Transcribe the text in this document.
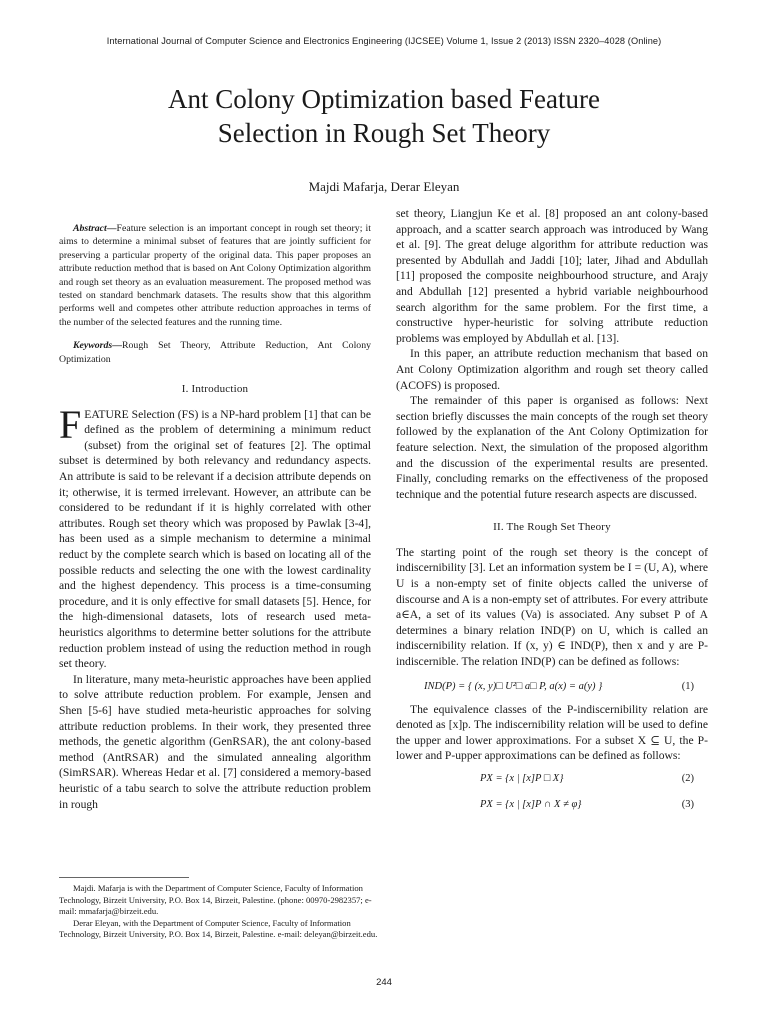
International Journal of Computer Science and Electronics Engineering (IJCSEE) Volume 1, Issue 2 (2013) ISSN 2320–4028 (Online)
Ant Colony Optimization based Feature
Selection in Rough Set Theory
Majdi Mafarja, Derar Eleyan

Abstract—Feature selection is an important concept in rough set theory; it aims to determine a minimal subset of features that are jointly sufficient for preserving a particular property of the original data. This paper proposes an attribute reduction method that is based on Ant Colony Optimization algorithm and rough set theory as an evaluation measurement. The proposed method was tested on standard benchmark datasets. The results show that this algorithm performs well and competes other attribute reduction approaches in terms of the number of the selected features and the running time.

Keywords—Rough Set Theory, Attribute Reduction, Ant Colony Optimization

I. Introduction

FEATURE Selection (FS) is a NP-hard problem [1] that can be defined as the problem of determining a minimum reduct (subset) from the original set of features [2]. The optimal subset is determined by both relevancy and redundancy aspects. An attribute is said to be relevant if a decision attribute depends on it; otherwise, it is termed irrelevant. However, an attribute can be considered to be redundant if it is highly correlated with other attributes. Rough set theory which was proposed by Pawlak [3-4], has been used as a simple mechanism to determine a minimal reduct by the complete search which is based on locating all of the possible reducts and selecting the one with the lowest cardinality and the highest dependency. This process is a time-consuming procedure, and it is only effective for small datasets [5]. Hence, for the high-dimensional datasets, lots of research used meta-heuristics algorithms to determine better solutions for the attribute reduction problem instead of using the reduction method in rough set theory.

In literature, many meta-heuristic approaches have been applied to solve attribute reduction problem. For example, Jensen and Shen [5-6] have studied meta-heuristic approaches for solving attribute reduction problems. In their work, they presented three methods, the genetic algorithm (GenRSAR), the ant colony-based method (AntRSAR) and the simulated annealing algorithm (SimRSAR). Whereas Hedar et al. [7] considered a memory-based heuristic of a tabu search to solve the attribute reduction problem in rough

set theory, Liangjun Ke et al. [8] proposed an ant colony-based approach, and a scatter search approach was introduced by Wang et al. [9]. The great deluge algorithm for attribute reduction was presented by Abdullah and Jaddi [10]; later, Jihad and Abdullah [11] proposed the composite neighbourhood structure, and Arajy and Abdullah [12] presented a hybrid variable neighbourhood search algorithm for the same problem. For the first time, a constructive hyper-heuristic for solving attribute reduction problems was employed by Abdullah et al. [13].

In this paper, an attribute reduction mechanism that based on Ant Colony Optimization algorithm and rough set theory called (ACOFS) is proposed.

The remainder of this paper is organised as follows: Next section briefly discusses the main concepts of the rough set theory followed by the explanation of the Ant Colony Optimization for feature selection. Next, the simulation of the proposed algorithm and the discussion of the experimental results are presented. Finally, concluding remarks on the effectiveness of the proposed technique and the potential future research aspects are discussed.

II. The Rough Set Theory

The starting point of the rough set theory is the concept of indiscernibility [3]. Let an information system be I = (U, A), where U is a non-empty set of finite objects called the universe of discourse and A is a non-empty set of attributes. For every attribute a∈A, a set of its values (Va) is associated. Any subset P of A determines a binary relation IND(P) on U, which is called an indiscernibility relation. If (x, y) ∈ IND(P), then x and y are P-indiscernible. The relation IND(P) can be defined as follows:

IND(P) = { (x, y)□ U²□ a□ P, a(x) = a(y) }	(1)

The equivalence classes of the P-indiscernibility relation are denoted as [x]p. The indiscernibility relation will be used to define the upper and lower approximations. For a subset X ⊆ U, the P-lower and P-upper approximations can be defined as follows:

PX = {x | [x]P □ X}	(2)
PX = {x | [x]P ∩ X ≠ φ}	(3)

Majdi. Mafarja is with the Department of Computer Science, Faculty of Information Technology, Birzeit University, P.O. Box 14, Birzeit, Palestine. (phone: 00970-2982357; e-mail: mmafarja@birzeit.edu.

Derar Eleyan, with the Department of Computer Science, Faculty of Information Technology, Birzeit University, P.O. Box 14, Birzeit, Palestine. e-mail: deleyan@birzeit.edu.

244
